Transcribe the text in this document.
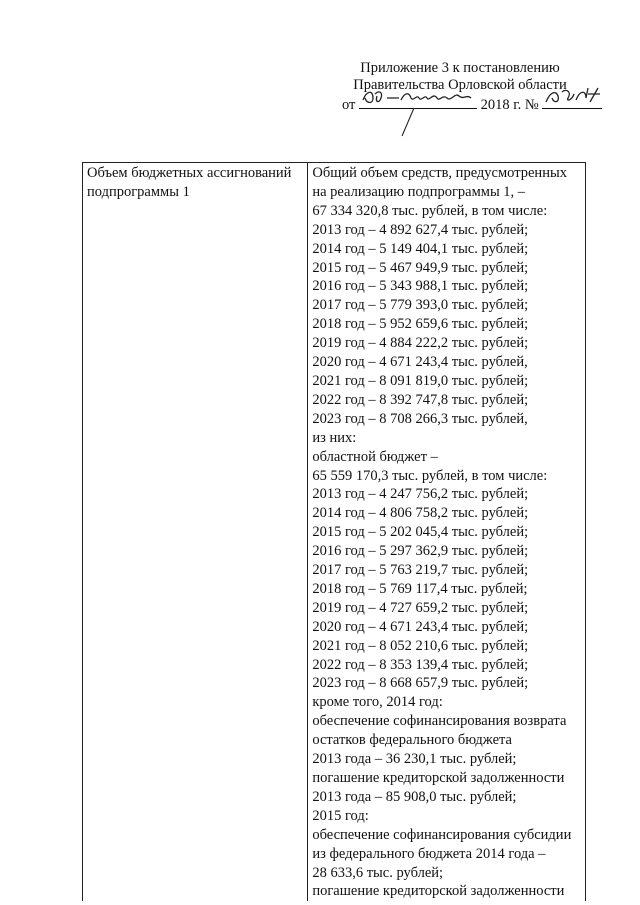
Приложение 3 к постановлению
Правительства Орловской области
от	2018 г. №
Объем бюджетных ассигнований
подпрограммы 1

Общий объем средств, предусмотренных
на реализацию подпрограммы 1, –
67 334 320,8 тыс. рублей, в том числе:
2013 год – 4 892 627,4 тыс. рублей;
2014 год – 5 149 404,1 тыс. рублей;
2015 год – 5 467 949,9 тыс. рублей;
2016 год – 5 343 988,1 тыс. рублей;
2017 год – 5 779 393,0 тыс. рублей;
2018 год – 5 952 659,6 тыс. рублей;
2019 год – 4 884 222,2 тыс. рублей;
2020 год – 4 671 243,4 тыс. рублей,
2021 год – 8 091 819,0 тыс. рублей;
2022 год – 8 392 747,8 тыс. рублей;
2023 год – 8 708 266,3 тыс. рублей,
из них:
областной бюджет –
65 559 170,3 тыс. рублей, в том числе:
2013 год – 4 247 756,2 тыс. рублей;
2014 год – 4 806 758,2 тыс. рублей;
2015 год – 5 202 045,4 тыс. рублей;
2016 год – 5 297 362,9 тыс. рублей;
2017 год – 5 763 219,7 тыс. рублей;
2018 год – 5 769 117,4 тыс. рублей;
2019 год – 4 727 659,2 тыс. рублей;
2020 год – 4 671 243,4 тыс. рублей;
2021 год – 8 052 210,6 тыс. рублей;
2022 год – 8 353 139,4 тыс. рублей;
2023 год – 8 668 657,9 тыс. рублей;
кроме того, 2014 год:
обеспечение софинансирования возврата
остатков федерального бюджета
2013 года – 36 230,1 тыс. рублей;
погашение кредиторской задолженности
2013 года – 85 908,0 тыс. рублей;
2015 год:
обеспечение софинансирования субсидии
из федерального бюджета 2014 года –
28 633,6 тыс. рублей;
погашение кредиторской задолженности
